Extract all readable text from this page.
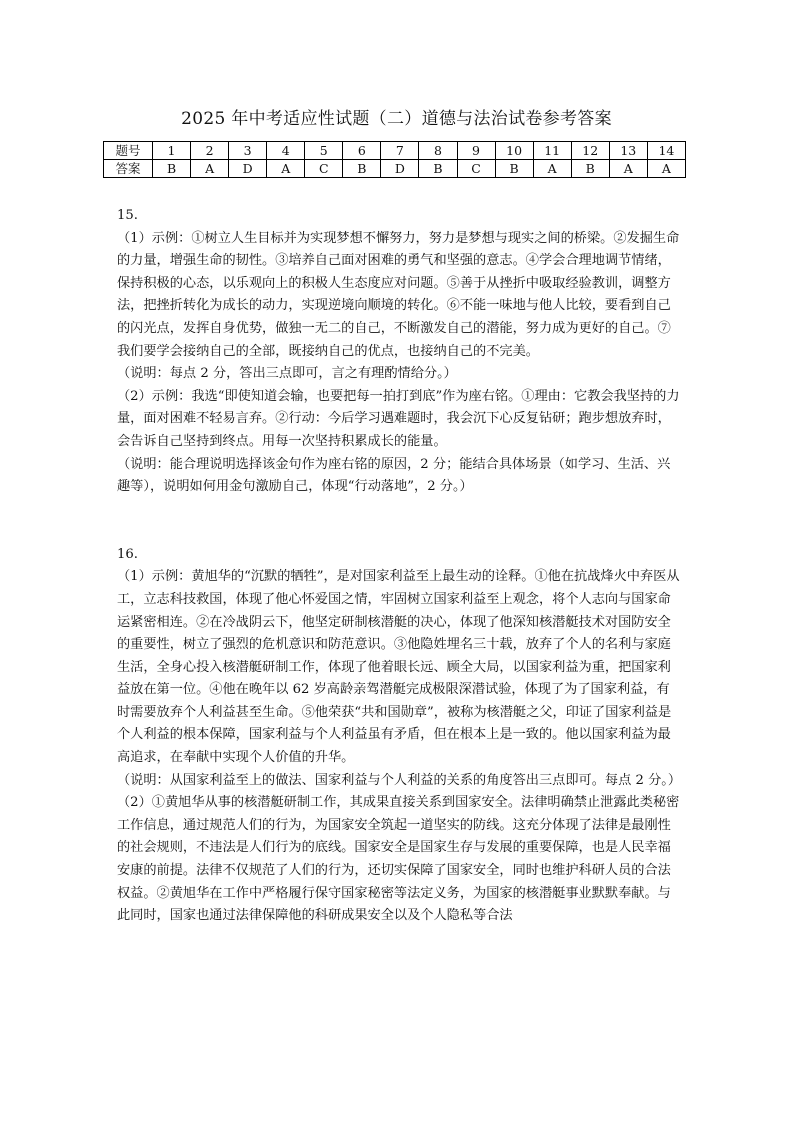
2025 年中考适应性试题（二）道德与法治试卷参考答案
题号	1	2	3	4	5	6	7	8	9	10	11	12	13	14
答案	B	A	D	A	C	B	D	B	C	B	A	B	A	A

15.

（1）示例：①树立人生目标并为实现梦想不懈努力，努力是梦想与现实之间的桥梁。②发掘生命的力量，增强生命的韧性。③培养自己面对困难的勇气和坚强的意志。④学会合理地调节情绪，保持积极的心态，以乐观向上的积极人生态度应对问题。⑤善于从挫折中吸取经验教训，调整方法，把挫折转化为成长的动力，实现逆境向顺境的转化。⑥不能一味地与他人比较，要看到自己的闪光点，发挥自身优势，做独一无二的自己，不断激发自己的潜能，努力成为更好的自己。⑦我们要学会接纳自己的全部，既接纳自己的优点，也接纳自己的不完美。

（说明：每点 2 分，答出三点即可，言之有理酌情给分。）

（2）示例：我选“即使知道会输，也要把每一拍打到底”作为座右铭。①理由：它教会我坚持的力量，面对困难不轻易言弃。②行动：今后学习遇难题时，我会沉下心反复钻研；跑步想放弃时，会告诉自己坚持到终点。用每一次坚持积累成长的能量。

（说明：能合理说明选择该金句作为座右铭的原因，2 分；能结合具体场景（如学习、生活、兴趣等），说明如何用金句激励自己，体现“行动落地”，2 分。）

16.

（1）示例：黄旭华的“沉默的牺牲”，是对国家利益至上最生动的诠释。①他在抗战烽火中弃医从工，立志科技救国，体现了他心怀爱国之情，牢固树立国家利益至上观念，将个人志向与国家命运紧密相连。②在冷战阴云下，他坚定研制核潜艇的决心，体现了他深知核潜艇技术对国防安全的重要性，树立了强烈的危机意识和防范意识。③他隐姓埋名三十载，放弃了个人的名利与家庭生活，全身心投入核潜艇研制工作，体现了他着眼长远、顾全大局，以国家利益为重，把国家利益放在第一位。④他在晚年以 62 岁高龄亲驾潜艇完成极限深潜试验，体现了为了国家利益，有时需要放弃个人利益甚至生命。⑤他荣获“共和国勋章”，被称为核潜艇之父，印证了国家利益是个人利益的根本保障，国家利益与个人利益虽有矛盾，但在根本上是一致的。他以国家利益为最高追求，在奉献中实现个人价值的升华。

（说明：从国家利益至上的做法、国家利益与个人利益的关系的角度答出三点即可。每点 2 分。）

（2）①黄旭华从事的核潜艇研制工作，其成果直接关系到国家安全。法律明确禁止泄露此类秘密工作信息，通过规范人们的行为，为国家安全筑起一道坚实的防线。这充分体现了法律是最刚性的社会规则，不违法是人们行为的底线。国家安全是国家生存与发展的重要保障，也是人民幸福安康的前提。法律不仅规范了人们的行为，还切实保障了国家安全，同时也维护科研人员的合法权益。②黄旭华在工作中严格履行保守国家秘密等法定义务，为国家的核潜艇事业默默奉献。与此同时，国家也通过法律保障他的科研成果安全以及个人隐私等合法
